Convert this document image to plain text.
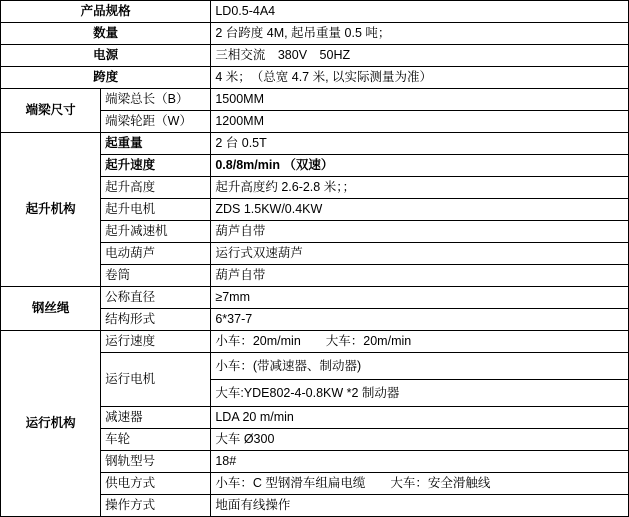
产品规格		LD0.5-4A4
数量		2 台跨度 4M, 起吊重量 0.5 吨；
电源		三相交流　380V　50HZ
跨度		4 米；　（总宽 4.7 米, 以实际测量为准）
端梁尺寸	端梁总长（B）	1500MM
	端梁轮距（W）	1200MM
起升机构	起重量	2 台 0.5T
	起升速度	0.8/8m/min （双速）
	起升高度	起升高度约 2.6-2.8 米；；
	起升电机	ZDS 1.5KW/0.4KW
	起升减速机	葫芦自带
	电动葫芦	运行式双速葫芦
	卷筒	葫芦自带
钢丝绳	公称直径	≥7mm
	结构形式	6*37-7
运行机构	运行速度	小车：20m/min　　大车：20m/min
	运行电机	小车：(带减速器、制动器)
		大车:YDE802-4-0.8KW *2 制动器
	减速器	LDA 20 m/min
	车轮	大车 Ø300
	钢轨型号	18#
	供电方式	小车：C 型钢滑车组扁电缆　　大车：安全滑触线
	操作方式	地面有线操作
